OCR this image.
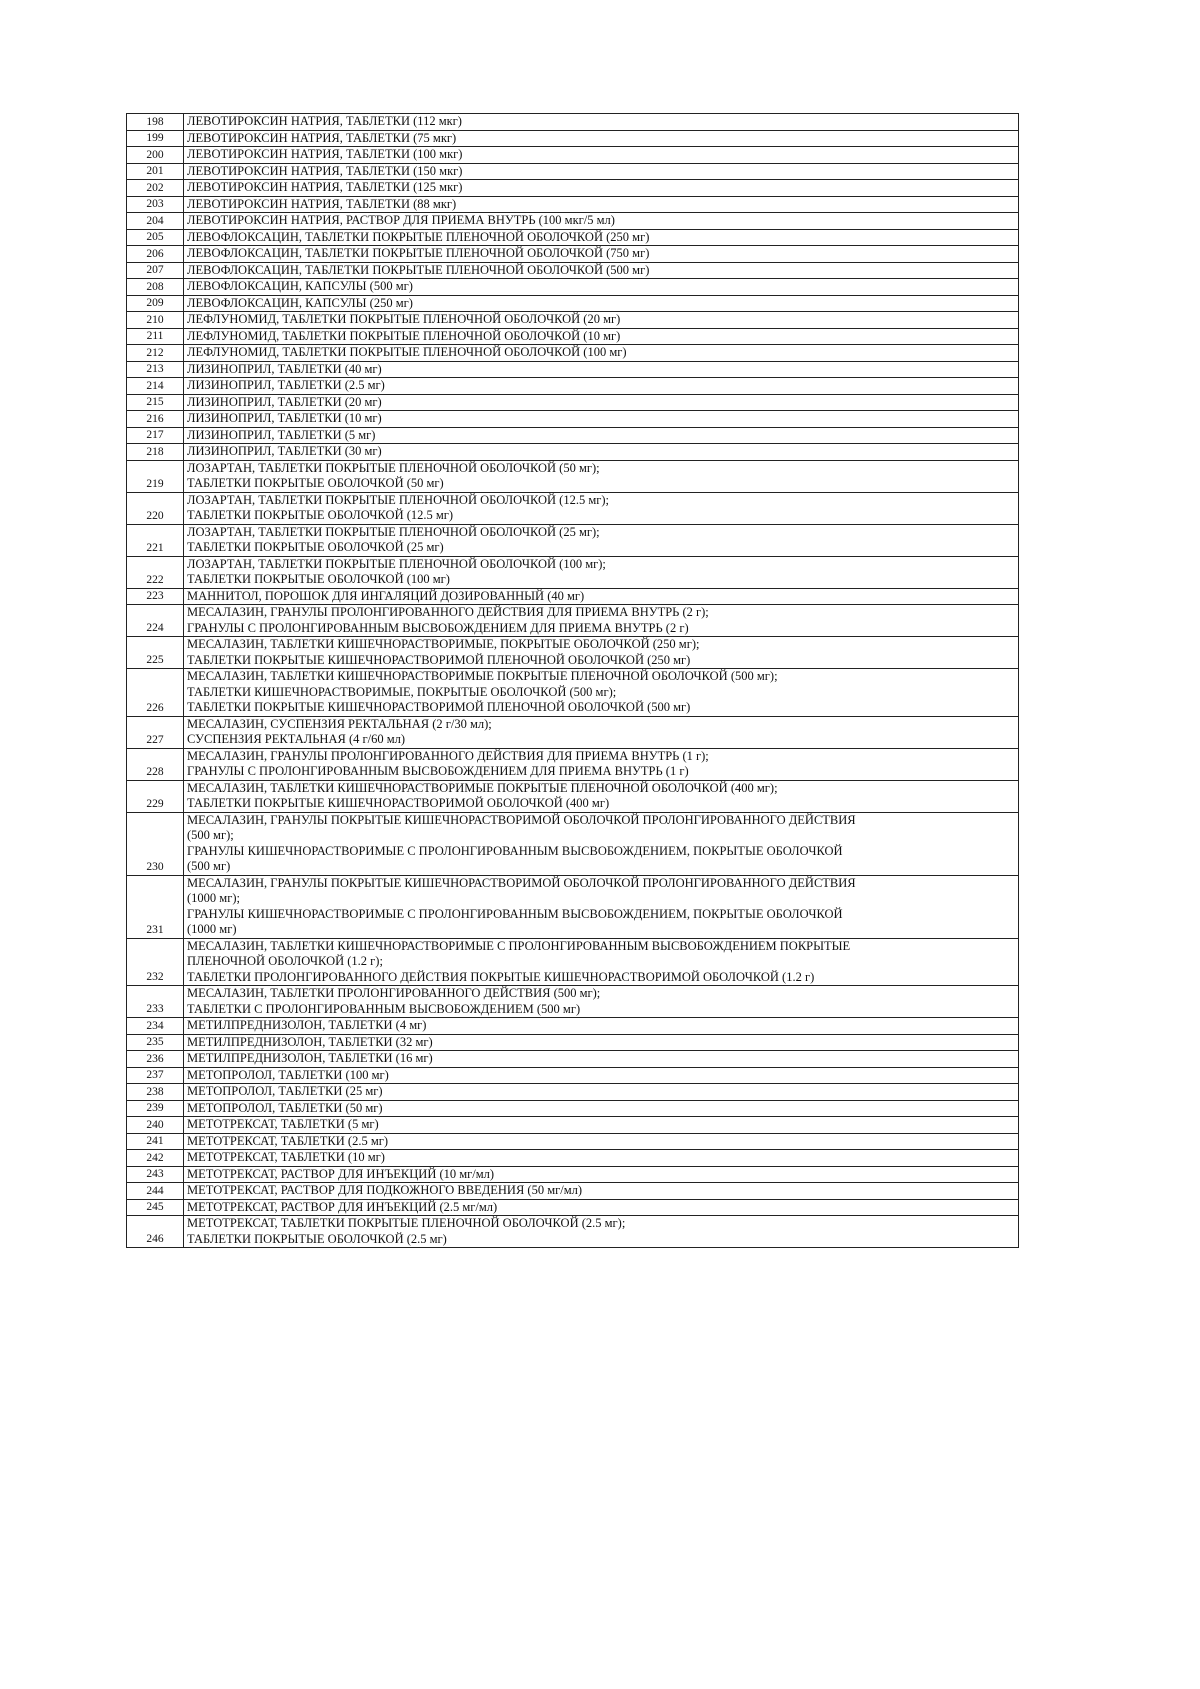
198	ЛЕВОТИРОКСИН НАТРИЯ, ТАБЛЕТКИ (112 мкг)

199	ЛЕВОТИРОКСИН НАТРИЯ, ТАБЛЕТКИ (75 мкг)

200	ЛЕВОТИРОКСИН НАТРИЯ, ТАБЛЕТКИ (100 мкг)

201	ЛЕВОТИРОКСИН НАТРИЯ, ТАБЛЕТКИ (150 мкг)

202	ЛЕВОТИРОКСИН НАТРИЯ, ТАБЛЕТКИ (125 мкг)

203	ЛЕВОТИРОКСИН НАТРИЯ, ТАБЛЕТКИ (88 мкг)

204	ЛЕВОТИРОКСИН НАТРИЯ, РАСТВОР ДЛЯ ПРИЕМА ВНУТРЬ (100 мкг/5 мл)

205	ЛЕВОФЛОКСАЦИН, ТАБЛЕТКИ ПОКРЫТЫЕ ПЛЕНОЧНОЙ ОБОЛОЧКОЙ (250 мг)

206	ЛЕВОФЛОКСАЦИН, ТАБЛЕТКИ ПОКРЫТЫЕ ПЛЕНОЧНОЙ ОБОЛОЧКОЙ (750 мг)

207	ЛЕВОФЛОКСАЦИН, ТАБЛЕТКИ ПОКРЫТЫЕ ПЛЕНОЧНОЙ ОБОЛОЧКОЙ (500 мг)

208	ЛЕВОФЛОКСАЦИН, КАПСУЛЫ (500 мг)

209	ЛЕВОФЛОКСАЦИН, КАПСУЛЫ (250 мг)

210	ЛЕФЛУНОМИД, ТАБЛЕТКИ ПОКРЫТЫЕ ПЛЕНОЧНОЙ ОБОЛОЧКОЙ (20 мг)

211	ЛЕФЛУНОМИД, ТАБЛЕТКИ ПОКРЫТЫЕ ПЛЕНОЧНОЙ ОБОЛОЧКОЙ (10 мг)

212	ЛЕФЛУНОМИД, ТАБЛЕТКИ ПОКРЫТЫЕ ПЛЕНОЧНОЙ ОБОЛОЧКОЙ (100 мг)

213	ЛИЗИНОПРИЛ, ТАБЛЕТКИ (40 мг)

214	ЛИЗИНОПРИЛ, ТАБЛЕТКИ (2.5 мг)

215	ЛИЗИНОПРИЛ, ТАБЛЕТКИ (20 мг)

216	ЛИЗИНОПРИЛ, ТАБЛЕТКИ (10 мг)

217	ЛИЗИНОПРИЛ, ТАБЛЕТКИ (5 мг)

218	ЛИЗИНОПРИЛ, ТАБЛЕТКИ (30 мг)

219	ЛОЗАРТАН, ТАБЛЕТКИ ПОКРЫТЫЕ ПЛЕНОЧНОЙ ОБОЛОЧКОЙ (50 мг);
ТАБЛЕТКИ ПОКРЫТЫЕ ОБОЛОЧКОЙ (50 мг)

220	ЛОЗАРТАН, ТАБЛЕТКИ ПОКРЫТЫЕ ПЛЕНОЧНОЙ ОБОЛОЧКОЙ (12.5 мг);
ТАБЛЕТКИ ПОКРЫТЫЕ ОБОЛОЧКОЙ (12.5 мг)

221	ЛОЗАРТАН, ТАБЛЕТКИ ПОКРЫТЫЕ ПЛЕНОЧНОЙ ОБОЛОЧКОЙ (25 мг);
ТАБЛЕТКИ ПОКРЫТЫЕ ОБОЛОЧКОЙ (25 мг)

222	ЛОЗАРТАН, ТАБЛЕТКИ ПОКРЫТЫЕ ПЛЕНОЧНОЙ ОБОЛОЧКОЙ (100 мг);
ТАБЛЕТКИ ПОКРЫТЫЕ ОБОЛОЧКОЙ (100 мг)

223	МАННИТОЛ, ПОРОШОК ДЛЯ ИНГАЛЯЦИЙ ДОЗИРОВАННЫЙ (40 мг)

224	МЕСАЛАЗИН, ГРАНУЛЫ ПРОЛОНГИРОВАННОГО ДЕЙСТВИЯ ДЛЯ ПРИЕМА ВНУТРЬ (2 г);
ГРАНУЛЫ С ПРОЛОНГИРОВАННЫМ ВЫСВОБОЖДЕНИЕМ ДЛЯ ПРИЕМА ВНУТРЬ (2 г)

225	МЕСАЛАЗИН, ТАБЛЕТКИ КИШЕЧНОРАСТВОРИМЫЕ, ПОКРЫТЫЕ ОБОЛОЧКОЙ (250 мг);
ТАБЛЕТКИ ПОКРЫТЫЕ КИШЕЧНОРАСТВОРИМОЙ ПЛЕНОЧНОЙ ОБОЛОЧКОЙ (250 мг)

226	МЕСАЛАЗИН, ТАБЛЕТКИ КИШЕЧНОРАСТВОРИМЫЕ ПОКРЫТЫЕ ПЛЕНОЧНОЙ ОБОЛОЧКОЙ (500 мг);
ТАБЛЕТКИ КИШЕЧНОРАСТВОРИМЫЕ, ПОКРЫТЫЕ ОБОЛОЧКОЙ (500 мг);
ТАБЛЕТКИ ПОКРЫТЫЕ КИШЕЧНОРАСТВОРИМОЙ ПЛЕНОЧНОЙ ОБОЛОЧКОЙ (500 мг)

227	МЕСАЛАЗИН, СУСПЕНЗИЯ РЕКТАЛЬНАЯ (2 г/30 мл);
СУСПЕНЗИЯ РЕКТАЛЬНАЯ (4 г/60 мл)

228	МЕСАЛАЗИН, ГРАНУЛЫ ПРОЛОНГИРОВАННОГО ДЕЙСТВИЯ ДЛЯ ПРИЕМА ВНУТРЬ (1 г);
ГРАНУЛЫ С ПРОЛОНГИРОВАННЫМ ВЫСВОБОЖДЕНИЕМ ДЛЯ ПРИЕМА ВНУТРЬ (1 г)

229	МЕСАЛАЗИН, ТАБЛЕТКИ КИШЕЧНОРАСТВОРИМЫЕ ПОКРЫТЫЕ ПЛЕНОЧНОЙ ОБОЛОЧКОЙ (400 мг);
ТАБЛЕТКИ ПОКРЫТЫЕ КИШЕЧНОРАСТВОРИМОЙ ОБОЛОЧКОЙ (400 мг)

230	МЕСАЛАЗИН, ГРАНУЛЫ ПОКРЫТЫЕ КИШЕЧНОРАСТВОРИМОЙ ОБОЛОЧКОЙ ПРОЛОНГИРОВАННОГО ДЕЙСТВИЯ
(500 мг);
ГРАНУЛЫ КИШЕЧНОРАСТВОРИМЫЕ С ПРОЛОНГИРОВАННЫМ ВЫСВОБОЖДЕНИЕМ, ПОКРЫТЫЕ ОБОЛОЧКОЙ
(500 мг)

231	МЕСАЛАЗИН, ГРАНУЛЫ ПОКРЫТЫЕ КИШЕЧНОРАСТВОРИМОЙ ОБОЛОЧКОЙ ПРОЛОНГИРОВАННОГО ДЕЙСТВИЯ
(1000 мг);
ГРАНУЛЫ КИШЕЧНОРАСТВОРИМЫЕ С ПРОЛОНГИРОВАННЫМ ВЫСВОБОЖДЕНИЕМ, ПОКРЫТЫЕ ОБОЛОЧКОЙ
(1000 мг)

232	МЕСАЛАЗИН, ТАБЛЕТКИ КИШЕЧНОРАСТВОРИМЫЕ С ПРОЛОНГИРОВАННЫМ ВЫСВОБОЖДЕНИЕМ ПОКРЫТЫЕ
ПЛЕНОЧНОЙ ОБОЛОЧКОЙ (1.2 г);
ТАБЛЕТКИ ПРОЛОНГИРОВАННОГО ДЕЙСТВИЯ ПОКРЫТЫЕ КИШЕЧНОРАСТВОРИМОЙ ОБОЛОЧКОЙ (1.2 г)

233	МЕСАЛАЗИН, ТАБЛЕТКИ ПРОЛОНГИРОВАННОГО ДЕЙСТВИЯ (500 мг);
ТАБЛЕТКИ С ПРОЛОНГИРОВАННЫМ ВЫСВОБОЖДЕНИЕМ (500 мг)

234	МЕТИЛПРЕДНИЗОЛОН, ТАБЛЕТКИ (4 мг)

235	МЕТИЛПРЕДНИЗОЛОН, ТАБЛЕТКИ (32 мг)

236	МЕТИЛПРЕДНИЗОЛОН, ТАБЛЕТКИ (16 мг)

237	МЕТОПРОЛОЛ, ТАБЛЕТКИ (100 мг)

238	МЕТОПРОЛОЛ, ТАБЛЕТКИ (25 мг)

239	МЕТОПРОЛОЛ, ТАБЛЕТКИ (50 мг)

240	МЕТОТРЕКСАТ, ТАБЛЕТКИ (5 мг)

241	МЕТОТРЕКСАТ, ТАБЛЕТКИ (2.5 мг)

242	МЕТОТРЕКСАТ, ТАБЛЕТКИ (10 мг)

243	МЕТОТРЕКСАТ, РАСТВОР ДЛЯ ИНЪЕКЦИЙ (10 мг/мл)

244	МЕТОТРЕКСАТ, РАСТВОР ДЛЯ ПОДКОЖНОГО ВВЕДЕНИЯ (50 мг/мл)

245	МЕТОТРЕКСАТ, РАСТВОР ДЛЯ ИНЪЕКЦИЙ (2.5 мг/мл)

246	МЕТОТРЕКСАТ, ТАБЛЕТКИ ПОКРЫТЫЕ ПЛЕНОЧНОЙ ОБОЛОЧКОЙ (2.5 мг);
ТАБЛЕТКИ ПОКРЫТЫЕ ОБОЛОЧКОЙ (2.5 мг)
